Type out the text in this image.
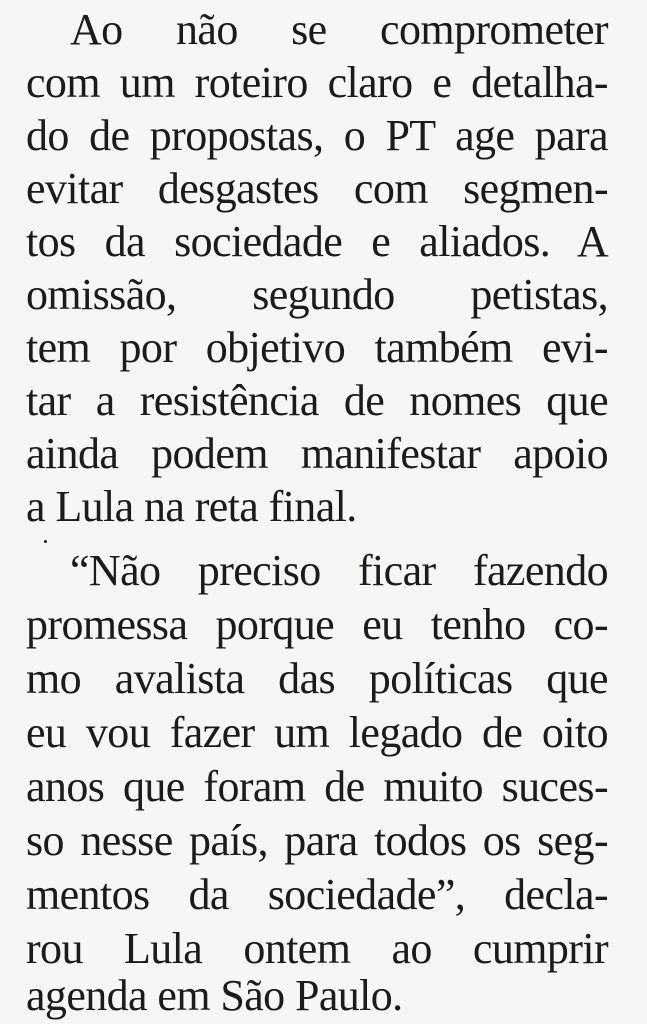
Ao não se comprometer
com um roteiro claro e detalha-
do de propostas, o PT age para
evitar desgastes com segmen-
tos da sociedade e aliados. A
omissão, segundo petistas,
tem por objetivo também evi-
tar a resistência de nomes que
ainda podem manifestar apoio
a Lula na reta final.
“Não preciso ficar fazendo
promessa porque eu tenho co-
mo avalista das políticas que
eu vou fazer um legado de oito
anos que foram de muito suces-
so nesse país, para todos os seg-
mentos da sociedade”, decla-
rou Lula ontem ao cumprir
agenda em São Paulo.
